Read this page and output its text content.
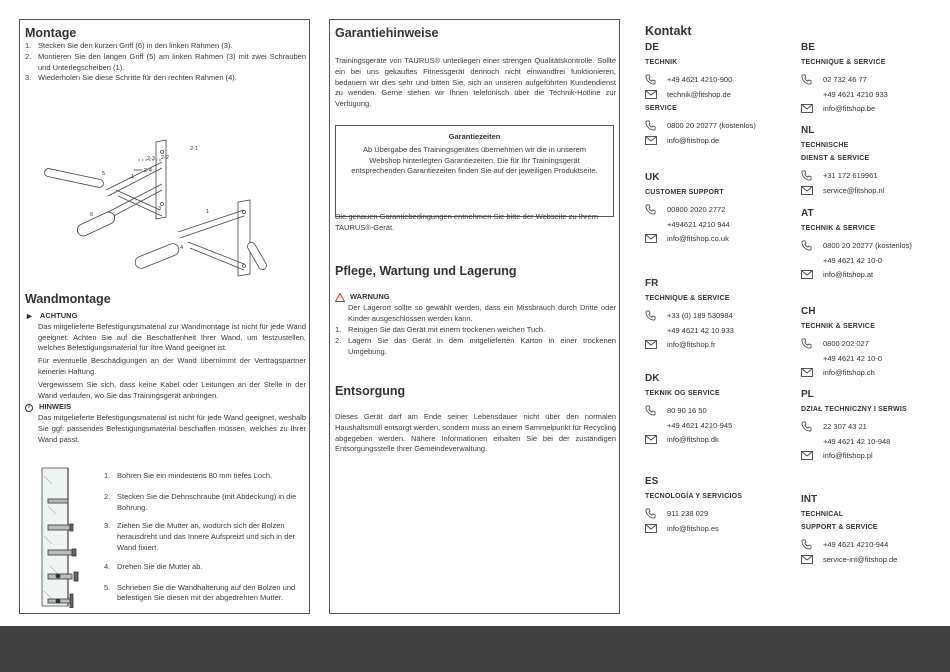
Montage
1. Stecken Sie den kurzen Griff (6) in den linken Rahmen (3).
2. Montieren Sie den langen Griff (5) am linken Rahmen (3) mit zwei Schrauben und Unterlegscheiben (1).
3. Wiederholen Sie diese Schritte für den rechten Rahmen (4).
2-1
2-2
2-3
2-4
1
5
6
3	1
4
Wandmontage
► ACHTUNG

Das mitgelieferte Befestigungsmaterial zur Wandmontage ist nicht für jede Wand geeignet. Achten Sie auf die Beschaffenheit Ihrer Wand, um festzustellen, welches Befestigungsmaterial für Ihre Wand geeignet ist.

Für eventuelle Beschädigungen an der Wand übernimmt der Vertragspartner keinerlei Haftung.

Vergewissern Sie sich, dass keine Kabel oder Leitungen an der Stelle in der Wand verlaufen, wo Sie das Trainingsgerät anbringen.

i	HINWEIS

Das mitgelieferte Befestigungsmaterial ist nicht für jede Wand geeignet, weshalb Sie ggf. passendes Befestigungsmaterial beschaffen müssen, welches zu Ihrer Wand passt.

1. Bohren Sie ein mindestens 80 mm tiefes Loch.
2. Stecken Sie die Dehnschraube (mit Abdeckung) in die Bohrung.
3. Ziehen Sie die Mutter an, wodurch sich der Bolzen herausdreht und das Innere Aufspreizt und sich in der Wand fixiert.
4. Drehen Sie die Mutter ab.
5. Schrieben Sie die Wandhalterung auf den Bolzen und befestigen Sie diesen mit der abgedrehten Mutter.
Garantiehinweise

Trainingsgeräte von TAURUS® unterliegen einer strengen Qualitätskontrolle. Sollte ein bei uns gekauftes Fitnessgerät dennoch nicht einwandfrei funktionieren, bedauern wir dies sehr und bitten Sie, sich an unseren aufgeführten Kundendienst zu wenden. Gerne stehen wir Ihnen telefonisch über die Technik-Hotline zur Verfügung.

Garantiezeiten

Ab Übergabe des Trainingsgerätes übernehmen wir die in unserem Webshop hinterlegten Garantiezeiten. Die für Ihr Trainingsgerät entsprechenden Garantiezeiten finden Sie auf der jeweiligen Produktseite.

Die genauen Garantiebedingungen entnehmen Sie bitte der Webseite zu Ihrem TAURUS®-Gerät.

Pflege, Wartung und Lagerung
! WARNUNG

Der Lagerort sollte so gewählt werden, dass ein Missbrauch durch Dritte oder Kinder ausgeschlossen werden kann.

1. Reinigen Sie das Gerät mit einem trockenen weichen Tuch.
2. Lagern Sie das Gerät in dem mitgelieferten Karton in einer trockenen Umgebung.
Entsorgung

Dieses Gerät darf am Ende seiner Lebensdauer nicht über den normalen Haushaltsmüll entsorgt werden, sondern muss an einem Sammelpunkt für Recycling abgegeben werden. Nähere Informationen erhalten Sie bei der zuständigen Entsorgungsstelle Ihrer Gemeindeverwaltung.

Kontakt
DE
TECHNIK
+49 4621 4210-900
technik@fitshop.de
SERVICE
0800 20 20277 (kostenlos)
info@fitshop.de
UK
CUSTOMER SUPPORT
00800 2020 2772
+494621 4210 944
info@fitshop.co.uk
FR
TECHNIQUE & SERVICE
+33 (0) 189 530984
+49 4621 42 10 933
info@fitshop.fr
DK
TEKNIK OG SERVICE
80 90 16 50
+49 4621 4210-945
info@fitshop.dk
ES
TECNOLOGÍA Y SERVICIOS
911 238 029
info@fitshop.es
BE
TECHNIQUE & SERVICE
02 732 46 77
+49 4621 4210 933
info@fitshop.be
NL
TECHNISCHE
DIENST & SERVICE
+31 172 619961
service@fitshop.nl
AT
TECHNIK & SERVICE
0800 20 20277 (kostenlos)
+49 4621 42 10-0
info@fitshop.at
CH
TECHNIK & SERVICE
0800 202 027
+49 4621 42 10-0
info@fitshop.ch
PL
DZIAŁ TECHNICZNY I SERWIS
22 307 43 21
+49 4621 42 10-948
info@fitshop.pl
INT
TECHNICAL
SUPPORT & SERVICE
+49 4621 4210-944
service-int@fitshop.de
